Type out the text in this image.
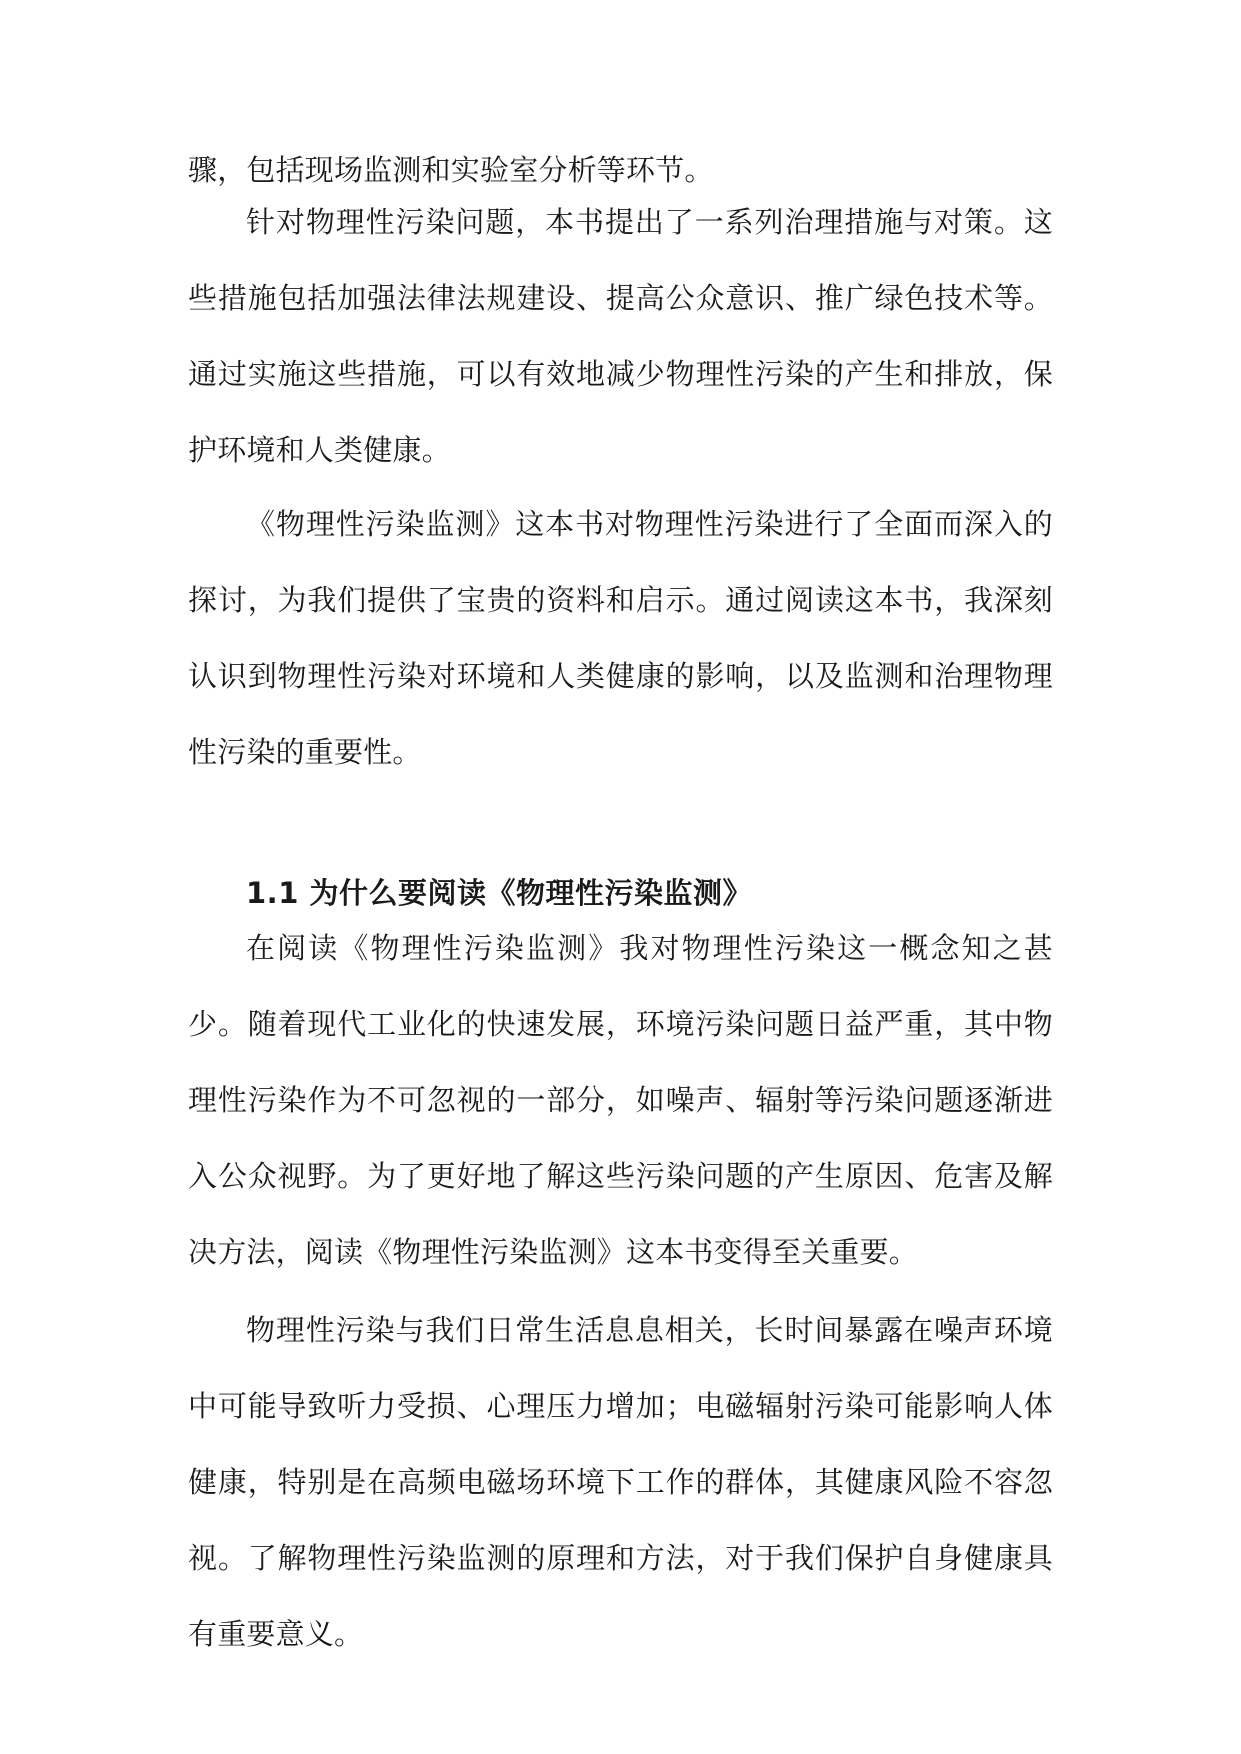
骤，包括现场监测和实验室分析等环节。

针对物理性污染问题，本书提出了一系列治理措施与对策。这些措施包括加强法律法规建设、提高公众意识、推广绿色技术等。通过实施这些措施，可以有效地减少物理性污染的产生和排放，保护环境和人类健康。

《物理性污染监测》这本书对物理性污染进行了全面而深入的探讨，为我们提供了宝贵的资料和启示。通过阅读这本书，我深刻认识到物理性污染对环境和人类健康的影响，以及监测和治理物理性污染的重要性。

1.1 为什么要阅读《物理性污染监测》

在阅读《物理性污染监测》我对物理性污染这一概念知之甚少。随着现代工业化的快速发展，环境污染问题日益严重，其中物理性污染作为不可忽视的一部分，如噪声、辐射等污染问题逐渐进入公众视野。为了更好地了解这些污染问题的产生原因、危害及解决方法，阅读《物理性污染监测》这本书变得至关重要。

物理性污染与我们日常生活息息相关，长时间暴露在噪声环境中可能导致听力受损、心理压力增加；电磁辐射污染可能影响人体健康，特别是在高频电磁场环境下工作的群体，其健康风险不容忽视。了解物理性污染监测的原理和方法，对于我们保护自身健康具有重要意义。
